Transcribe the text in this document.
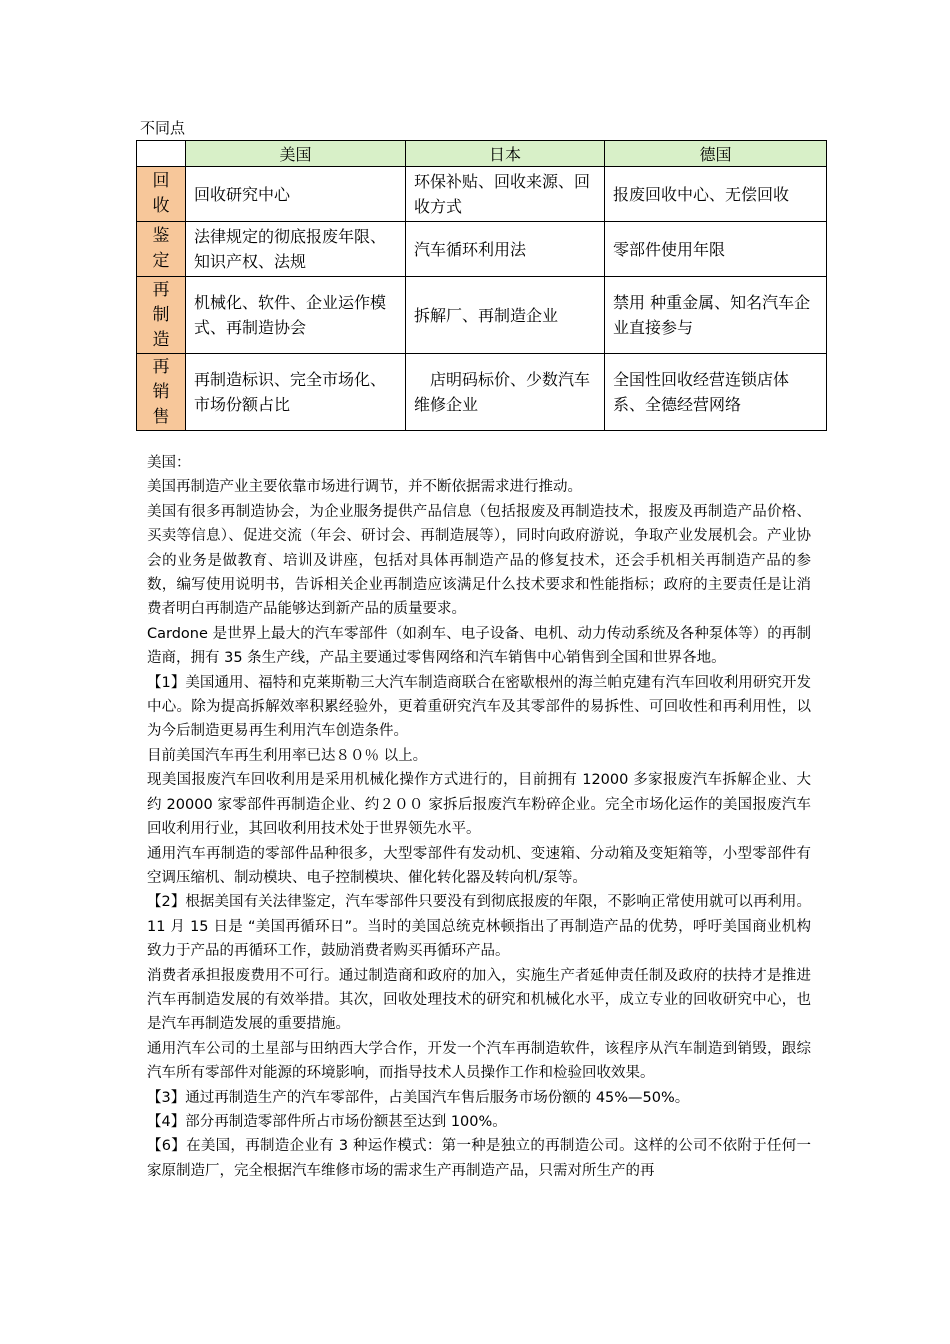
不同点
	美国	日本	德国

回
收	回收研究中心	环保补贴、回收来源、回收方式	报废回收中心、无偿回收

鉴
定	法律规定的彻底报废年限、知识产权、法规	汽车循环利用法	零部件使用年限

再
制
造	机械化、软件、企业运作模式、再制造协会	拆解厂、再制造企业	禁用 种重金属、知名汽车企业直接参与

再
销
售	再制造标识、完全市场化、市场份额占比	　店明码标价、少数汽车维修企业	全国性回收经营连锁店体系、全德经营网络

美国：

美国再制造产业主要依靠市场进行调节，并不断依据需求进行推动。

美国有很多再制造协会，为企业服务提供产品信息（包括报废及再制造技术，报废及再制造产品价格、买卖等信息）、促进交流（年会、研讨会、再制造展等），同时向政府游说，争取产业发展机会。产业协会的业务是做教育、培训及讲座，包括对具体再制造产品的修复技术，还会手机相关再制造产品的参数，编写使用说明书，告诉相关企业再制造应该满足什么技术要求和性能指标；政府的主要责任是让消费者明白再制造产品能够达到新产品的质量要求。

Cardone 是世界上最大的汽车零部件（如刹车、电子设备、电机、动力传动系统及各种泵体等）的再制造商，拥有 35 条生产线，产品主要通过零售网络和汽车销售中心销售到全国和世界各地。

【1】美国通用、福特和克莱斯勒三大汽车制造商联合在密歇根州的海兰帕克建有汽车回收利用研究开发中心。除为提高拆解效率积累经验外，更着重研究汽车及其零部件的易拆性、可回收性和再利用性，以为今后制造更易再生利用汽车创造条件。

目前美国汽车再生利用率已达８０％ 以上。

现美国报废汽车回收利用是采用机械化操作方式进行的，目前拥有 12000 多家报废汽车拆解企业、大约 20000 家零部件再制造企业、约２００ 家拆后报废汽车粉碎企业。完全市场化运作的美国报废汽车回收利用行业，其回收利用技术处于世界领先水平。

通用汽车再制造的零部件品种很多，大型零部件有发动机、变速箱、分动箱及变矩箱等，小型零部件有空调压缩机、制动模块、电子控制模块、催化转化器及转向机/泵等。

【2】根据美国有关法律鉴定，汽车零部件只要没有到彻底报废的年限，不影响正常使用就可以再利用。11 月 15 日是 “美国再循环日”。当时的美国总统克林顿指出了再制造产品的优势，呼吁美国商业机构致力于产品的再循环工作，鼓励消费者购买再循环产品。

消费者承担报废费用不可行。通过制造商和政府的加入，实施生产者延伸责任制及政府的扶持才是推进汽车再制造发展的有效举措。其次，回收处理技术的研究和机械化水平，成立专业的回收研究中心，也是汽车再制造发展的重要措施。

通用汽车公司的土星部与田纳西大学合作，开发一个汽车再制造软件，该程序从汽车制造到销毁，跟综汽车所有零部件对能源的环境影响，而指导技术人员操作工作和检验回收效果。

【3】通过再制造生产的汽车零部件，占美国汽车售后服务市场份额的 45%—50%。

【4】部分再制造零部件所占市场份额甚至达到 100%。

【6】在美国，再制造企业有 3 种运作模式：第一种是独立的再制造公司。这样的公司不依附于任何一家原制造厂，完全根据汽车维修市场的需求生产再制造产品，只需对所生产的再
